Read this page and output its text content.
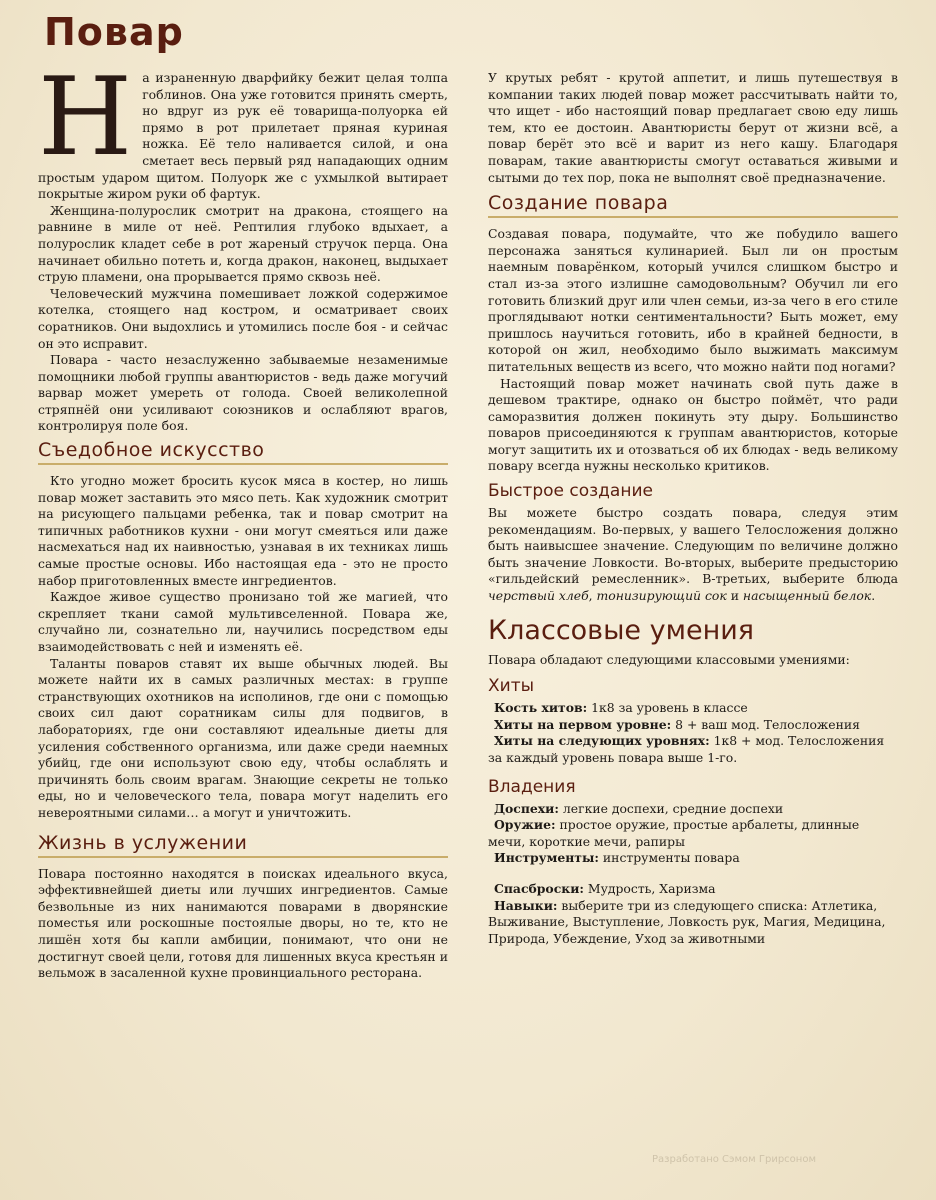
Повар
Н а израненную дварфийку бежит целая толпа гоблинов. Она уже готовится принять смерть, но вдруг из рук её товарища-полуорка ей прямо в рот прилетает пряная куриная ножка. Её тело наливается силой, и она сметает весь первый ряд нападающих одним простым ударом щитом. Полуорк же с ухмылкой вытирает покрытые жиром руки об фартук.

Женщина-полурослик смотрит на дракона, стоящего на равнине в миле от неё. Рептилия глубоко вдыхает, а полурослик кладет себе в рот жареный стручок перца. Она начинает обильно потеть и, когда дракон, наконец, выдыхает струю пламени, она прорывается прямо сквозь неё.

Человеческий мужчина помешивает ложкой содержимое котелка, стоящего над костром, и осматривает своих соратников. Они выдохлись и утомились после боя - и сейчас он это исправит.

Повара - часто незаслуженно забываемые незаменимые помощники любой группы авантюристов - ведь даже могучий варвар может умереть от голода. Своей великолепной стряпнёй они усиливают союзников и ослабляют врагов, контролируя поле боя.

Съедобное искусство

Кто угодно может бросить кусок мяса в костер, но лишь повар может заставить это мясо петь. Как художник смотрит на рисующего пальцами ребенка, так и повар смотрит на типичных работников кухни - они могут смеяться или даже насмехаться над их наивностью, узнавая в их техниках лишь самые простые основы. Ибо настоящая еда - это не просто набор приготовленных вместе ингредиентов.

Каждое живое существо пронизано той же магией, что скрепляет ткани самой мультивселенной. Повара же, случайно ли, сознательно ли, научились посредством еды взаимодействовать с ней и изменять её.

Таланты поваров ставят их выше обычных людей. Вы можете найти их в самых различных местах: в группе странствующих охотников на исполинов, где они с помощью своих сил дают соратникам силы для подвигов, в лабораториях, где они составляют идеальные диеты для усиления собственного организма, или даже среди наемных убийц, где они используют свою еду, чтобы ослаблять и причинять боль своим врагам. Знающие секреты не только еды, но и человеческого тела, повара могут наделить его невероятными силами… а могут и уничтожить.

Жизнь в услужении

Повара постоянно находятся в поисках идеального вкуса, эффективнейшей диеты или лучших ингредиентов. Самые безвольные из них нанимаются поварами в дворянские поместья или роскошные постоялые дворы, но те, кто не лишён хотя бы капли амбиции, понимают, что они не достигнут своей цели, готовя для лишенных вкуса крестьян и вельмож в засаленной кухне провинциального ресторана.

У крутых ребят - крутой аппетит, и лишь путешествуя в компании таких людей повар может рассчитывать найти то, что ищет - ибо настоящий повар предлагает свою еду лишь тем, кто ее достоин. Авантюристы берут от жизни всё, а повар берёт это всё и варит из него кашу. Благодаря поварам, такие авантюристы смогут оставаться живыми и сытыми до тех пор, пока не выполнят своё предназначение.

Создание повара

Создавая повара, подумайте, что же побудило вашего персонажа заняться кулинарией. Был ли он простым наемным поварёнком, который учился слишком быстро и стал из-за этого излишне самодовольным? Обучил ли его готовить близкий друг или член семьи, из-за чего в его стиле проглядывают нотки сентиментальности? Быть может, ему пришлось научиться готовить, ибо в крайней бедности, в которой он жил, необходимо было выжимать максимум питательных веществ из всего, что можно найти под ногами?

Настоящий повар может начинать свой путь даже в дешевом трактире, однако он быстро поймёт, что ради саморазвития должен покинуть эту дыру. Большинство поваров присоединяются к группам авантюристов, которые могут защитить их и отозваться об их блюдах - ведь великому повару всегда нужны несколько критиков.

Быстрое создание

Вы можете быстро создать повара, следуя этим рекомендациям. Во-первых, у вашего Телосложения должно быть наивысшее значение. Следующим по величине должно быть значение Ловкости. Во-вторых, выберите предысторию «гильдейский ремесленник». В-третьих, выберите блюда черствый хлеб, тонизирующий сок и насыщенный белок.

Классовые умения

Повара обладают следующими классовыми умениями:

Хиты
Кость хитов: 1к8 за уровень в классе
Хиты на первом уровне: 8 + ваш мод. Телосложения
Хиты на следующих уровнях: 1к8 + мод. Телосложения за каждый уровень повара выше 1-го.
Владения
Доспехи: легкие доспехи, средние доспехи
Оружие: простое оружие, простые арбалеты, длинные мечи, короткие мечи, рапиры
Инструменты: инструменты повара
Спасброски: Мудрость, Харизма
Навыки: выберите три из следующего списка: Атлетика, Выживание, Выступление, Ловкость рук, Магия, Медицина, Природа, Убеждение, Уход за животными
Разработано Сэмом Грирсоном
